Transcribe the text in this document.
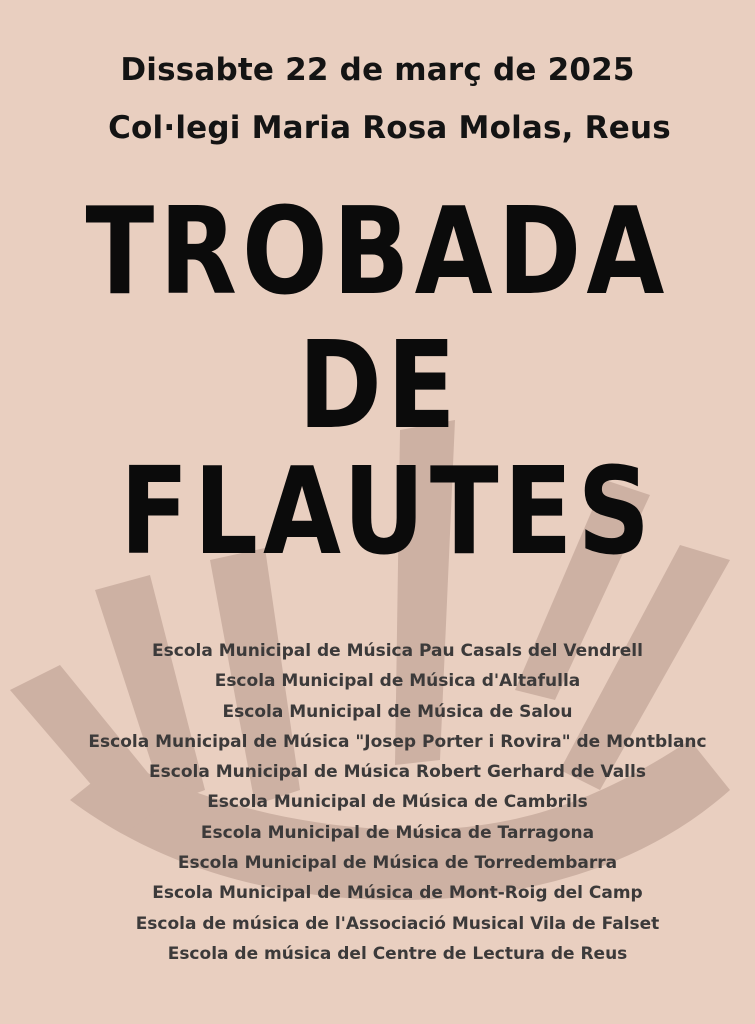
Dissabte 22 de març de 2025
Col·legi Maria Rosa Molas, Reus
TROBADA
DE
FLAUTES
Escola Municipal de Música Pau Casals del Vendrell
Escola Municipal de Música d'Altafulla
Escola Municipal de Música de Salou
Escola Municipal de Música "Josep Porter i Rovira" de Montblanc
Escola Municipal de Música Robert Gerhard de Valls
Escola Municipal de Música de Cambrils
Escola Municipal de Música de Tarragona
Escola Municipal de Música de Torredembarra
Escola Municipal de Música de Mont-Roig del Camp
Escola de música de l'Associació Musical Vila de Falset
Escola de música del Centre de Lectura de Reus
